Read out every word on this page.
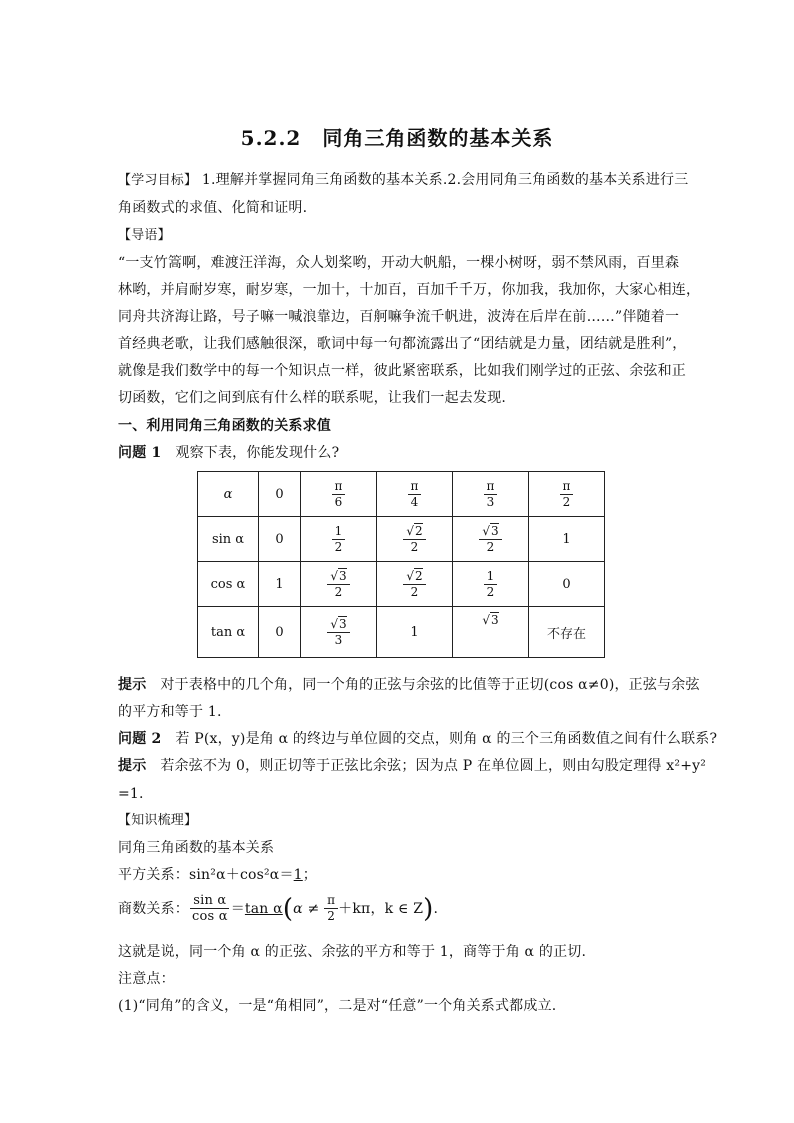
5.2.2　同角三角函数的基本关系
【学习目标】 1.理解并掌握同角三角函数的基本关系.2.会用同角三角函数的基本关系进行三
角函数式的求值、化简和证明.
【导语】
“一支竹篙啊，难渡汪洋海，众人划桨哟，开动大帆船，一棵小树呀，弱不禁风雨，百里森
林哟，并肩耐岁寒，耐岁寒，一加十，十加百，百加千千万，你加我，我加你，大家心相连，
同舟共济海让路，号子嘛一喊浪靠边，百舸嘛争流千帆进，波涛在后岸在前……”伴随着一
首经典老歌，让我们感触很深，歌词中每一句都流露出了“团结就是力量，团结就是胜利”，
就像是我们数学中的每一个知识点一样，彼此紧密联系，比如我们刚学过的正弦、余弦和正
切函数，它们之间到底有什么样的联系呢，让我们一起去发现.
一、利用同角三角函数的关系求值
问题 1 观察下表，你能发现什么?
α	0	$\frac{\pi}{6}$	$\frac{\pi}{4}$	$\frac{\pi}{3}$	$\frac{\pi}{2}$

sin α	0	$\frac{1}{2}$	$\frac{√2}{2}$	$\frac{√3}{2}$	1
cos α	1	$\frac{√3}{2}$	$\frac{√2}{2}$	$\frac{1}{2}$	0
tan α	0	$\frac{√3}{3}$	1	√3	不存在
提示 对于表格中的几个角，同一个角的正弦与余弦的比值等于正切(cos α≠0)，正弦与余弦
的平方和等于 1.
问题 2 若 P(x，y)是角 α 的终边与单位圆的交点，则角 α 的三个三角函数值之间有什么联系?
提示 若余弦不为 0，则正切等于正弦比余弦；因为点 P 在单位圆上，则由勾股定理得 x²+y²
=1.
【知识梳理】
同角三角函数的基本关系
平方关系：sin²α＋cos²α＝1；
商数关系： $\frac{\text{sin α}}{\text{cos α}} = \tan \alpha$ ( α ≠
$\frac{\pi}{2} +k\pi$，k ∈ Z ) .
这就是说，同一个角 α 的正弦、余弦的平方和等于 1，商等于角 α 的正切.
注意点：
(1)“同角”的含义，一是“角相同”，二是对“任意”一个角关系式都成立.
